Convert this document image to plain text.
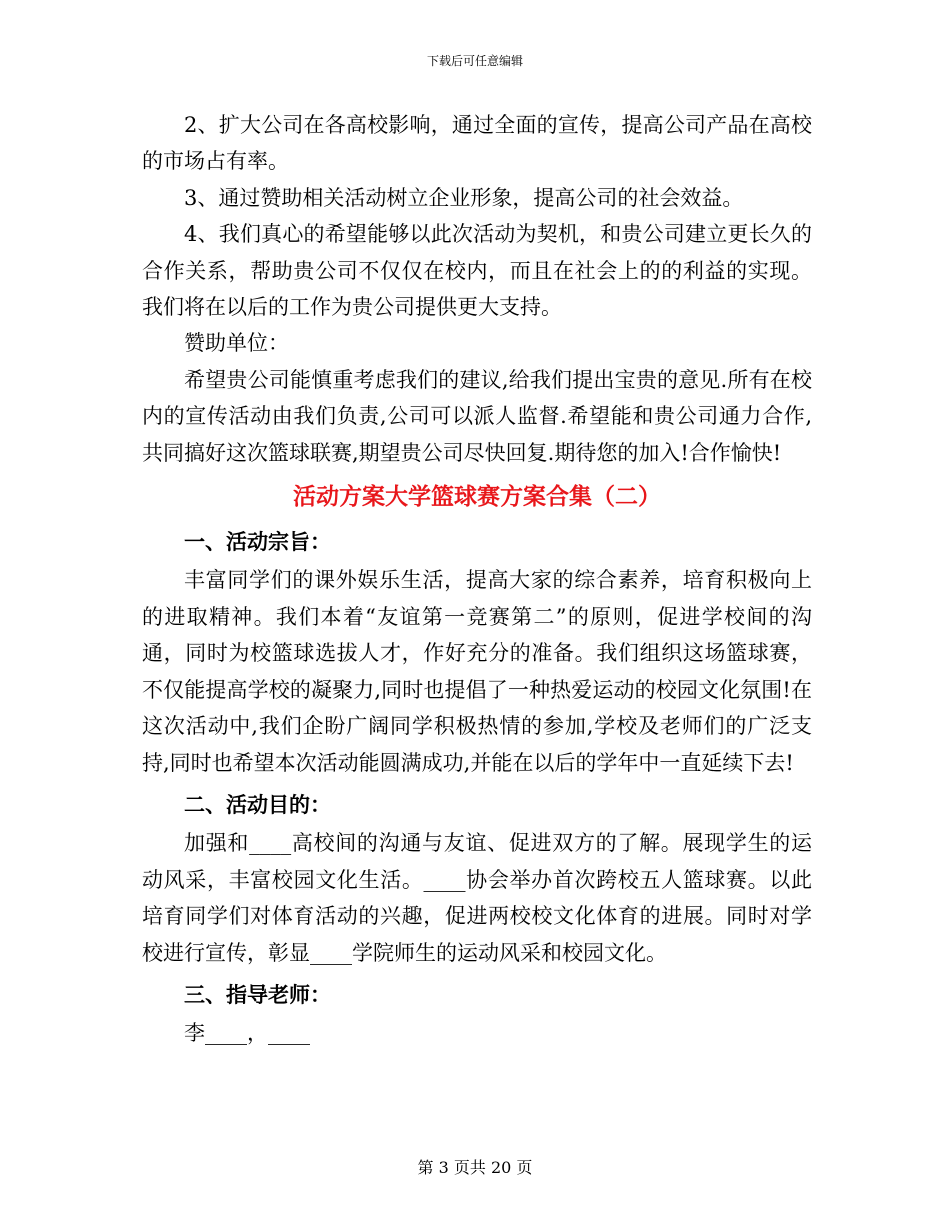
下载后可任意编辑

2、扩大公司在各高校影响，通过全面的宣传，提高公司产品在高校的市场占有率。

3、通过赞助相关活动树立企业形象，提高公司的社会效益。

4、我们真心的希望能够以此次活动为契机，和贵公司建立更长久的合作关系，帮助贵公司不仅仅在校内，而且在社会上的的利益的实现。我们将在以后的工作为贵公司提供更大支持。

赞助单位：

希望贵公司能慎重考虑我们的建议,给我们提出宝贵的意见.所有在校内的宣传活动由我们负责,公司可以派人监督.希望能和贵公司通力合作,共同搞好这次篮球联赛,期望贵公司尽快回复.期待您的加入!合作愉快!

活动方案大学篮球赛方案合集（二）

一、活动宗旨：

丰富同学们的课外娱乐生活，提高大家的综合素养，培育积极向上的进取精神。我们本着“友谊第一竞赛第二”的原则，促进学校间的沟通，同时为校篮球选拔人才，作好充分的准备。我们组织这场篮球赛，不仅能提高学校的凝聚力,同时也提倡了一种热爱运动的校园文化氛围!在这次活动中,我们企盼广阔同学积极热情的参加,学校及老师们的广泛支持,同时也希望本次活动能圆满成功,并能在以后的学年中一直延续下去!

二、活动目的：

加强和____高校间的沟通与友谊、促进双方的了解。展现学生的运动风采，丰富校园文化生活。____协会举办首次跨校五人篮球赛。以此培育同学们对体育活动的兴趣，促进两校校文化体育的进展。同时对学校进行宣传，彰显____学院师生的运动风采和校园文化。

三、指导老师：

李____，____

第 3 页共 20 页
